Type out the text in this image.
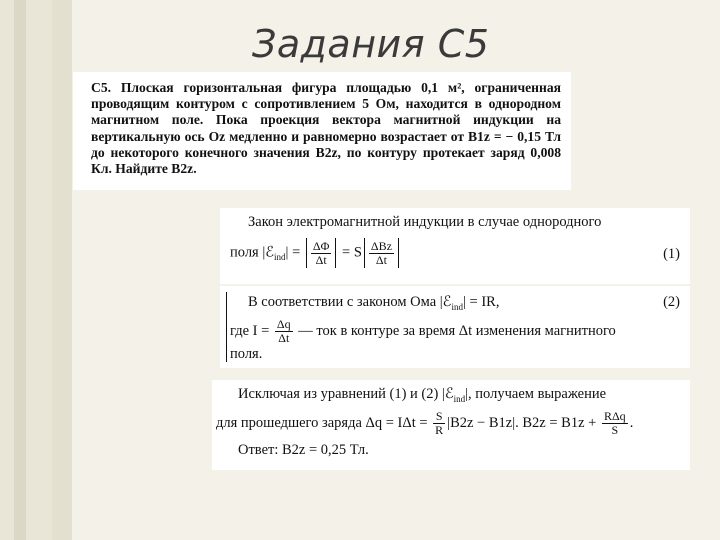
Задания С5

C5. Плоская горизонтальная фигура площадью 0,1 м², ограниченная проводящим контуром с сопротивлением 5 Ом, находится в однородном магнитном поле. Пока проекция вектора магнитной индукции на вертикальную ось Oz медленно и равномерно возрастает от B1z = − 0,15 Тл до некоторого конечного значения B2z, по контуру протекает заряд 0,008 Кл. Найдите B2z.

Закон электромагнитной индукции в случае однородного
поля |ℰ$_{ind}$| = $\frac{\Delta\Phi}{\Delta t} = S \frac{\text{ΔBz}}{\Delta t}$	(1)
В соответствии с законом Ома |ℰ$_{ind}$| = IR,	(2)
где $I = \frac{\Delta q}{\Delta t}$ — ток в контуре за время Δt изменения магнитного
поля.
Исключая из уравнений (1) и (2) |ℰ$_{ind}$|, получаем выражение
для прошедшего заряда $\Delta q = I\Delta t = \frac{S}{R} |B2z - B1z|$. $B2z = B1z + \frac{\text{RΔq}}{S}$ .
Ответ: B2z = 0,25 Тл.
